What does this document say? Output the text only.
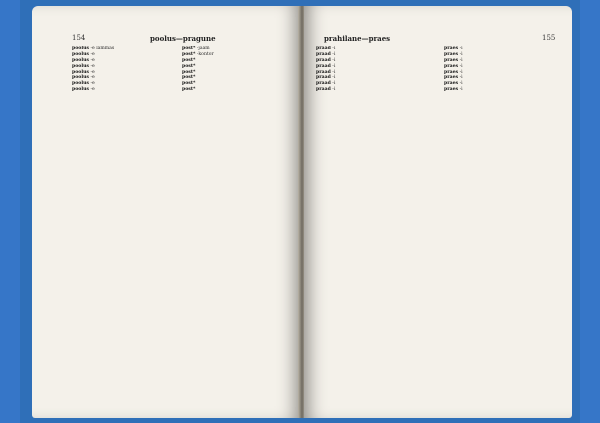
154	poolus—pragune
poolus -e lammas
poolus -e
poolus -e
poolus -e
poolus -e
poolus -e
poolus -e
poolus -e
post* -jaam
post* -kontor
post*
post*
post*
post*
post*
post*
prahilane—praes	155
praad -i
praad -i
praad -i
praad -i
praad -i
praad -i
praad -i
praad -i
praes -i
praes -i
praes -i
praes -i
praes -i
praes -i
praes -i
praes -i
